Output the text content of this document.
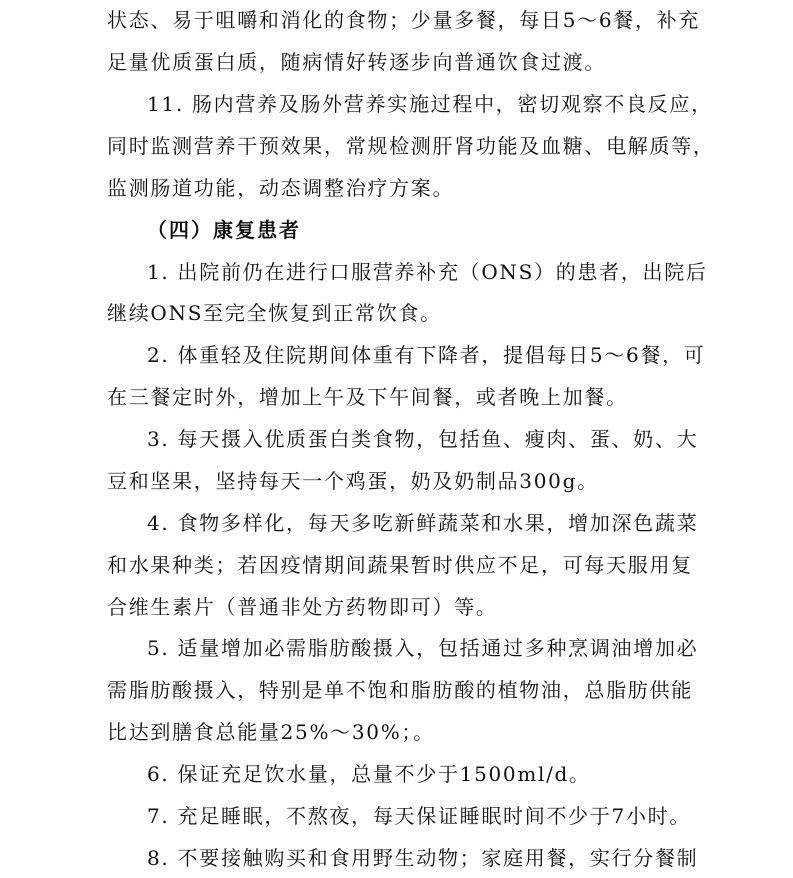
状态、易于咀嚼和消化的食物；少量多餐，每日5～6餐，补充
足量优质蛋白质，随病情好转逐步向普通饮食过渡。
11. 肠内营养及肠外营养实施过程中，密切观察不良反应，
同时监测营养干预效果，常规检测肝肾功能及血糖、电解质等，
监测肠道功能，动态调整治疗方案。
（四）康复患者
1. 出院前仍在进行口服营养补充（ONS）的患者，出院后
继续ONS至完全恢复到正常饮食。
2. 体重轻及住院期间体重有下降者，提倡每日5～6餐，可
在三餐定时外，增加上午及下午间餐，或者晚上加餐。
3. 每天摄入优质蛋白类食物，包括鱼、瘦肉、蛋、奶、大
豆和坚果，坚持每天一个鸡蛋，奶及奶制品300g。
4. 食物多样化，每天多吃新鲜蔬菜和水果，增加深色蔬菜
和水果种类；若因疫情期间蔬果暂时供应不足，可每天服用复
合维生素片（普通非处方药物即可）等。
5. 适量增加必需脂肪酸摄入，包括通过多种烹调油增加必
需脂肪酸摄入，特别是单不饱和脂肪酸的植物油，总脂肪供能
比达到膳食总能量25%～30%；。
6. 保证充足饮水量，总量不少于1500ml/d。
7. 充足睡眠，不熬夜，每天保证睡眠时间不少于7小时。
8. 不要接触购买和食用野生动物；家庭用餐，实行分餐制
